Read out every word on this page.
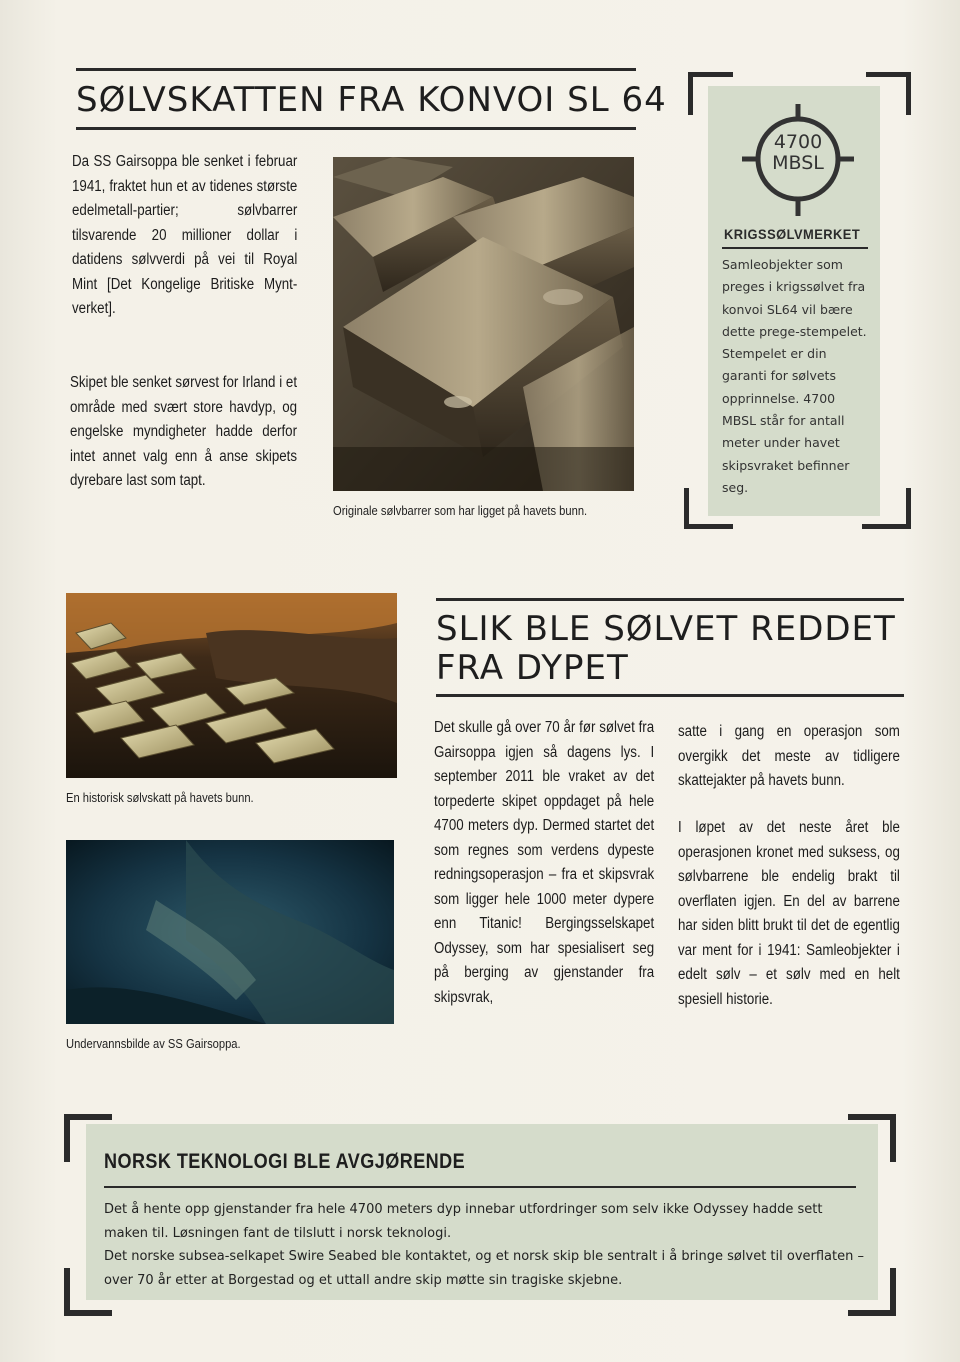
SØLVSKATTEN FRA KONVOI SL 64
Da SS Gairsoppa ble senket i februar 1941, fraktet hun et av tidenes største edelmetall-partier; sølvbarrer tilsvarende 20 millioner dollar i datidens sølvverdi på vei til Royal Mint [Det Kongelige Britiske Mynt-verket].
Skipet ble senket sørvest for Irland i et område med svært store havdyp, og engelske myndigheter hadde derfor intet annet valg enn å anse skipets dyrebare last som tapt.
Originale sølvbarrer som har ligget på havets bunn.
4700
MBSL
KRIGSSØLVMERKET
Samleobjekter som preges i krigssølvet fra konvoi SL64 vil bære dette prege-stempelet. Stempelet er din garanti for sølvets opprinnelse. 4700 MBSL står for antall meter under havet skipsvraket befinner seg.
En historisk sølvskatt på havets bunn.
Undervannsbilde av SS Gairsoppa.
SLIK BLE SØLVET REDDET
FRA DYPET
Det skulle gå over 70 år før sølvet fra Gairsoppa igjen så dagens lys. I september 2011 ble vraket av det torpederte skipet oppdaget på hele 4700 meters dyp. Dermed startet det som regnes som verdens dypeste redningsoperasjon – fra et skipsvrak som ligger hele 1000 meter dypere enn Titanic! Bergingsselskapet Odyssey, som har spesialisert seg på berging av gjenstander fra skipsvrak,
satte i gang en operasjon som overgikk det meste av tidligere skattejakter på havets bunn.
I løpet av det neste året ble operasjonen kronet med suksess, og sølvbarrene ble endelig brakt til overflaten igjen. En del av barrene har siden blitt brukt til det de egentlig var ment for i 1941: Samleobjekter i edelt sølv – et sølv med en helt spesiell historie.
NORSK TEKNOLOGI BLE AVGJØRENDE

Det å hente opp gjenstander fra hele 4700 meters dyp innebar utfordringer som selv ikke Odyssey hadde sett maken til. Løsningen fant de tilslutt i norsk teknologi.

Det norske subsea-selkapet Swire Seabed ble kontaktet, og et norsk skip ble sentralt i å bringe sølvet til overflaten – over 70 år etter at Borgestad og et uttall andre skip møtte sin tragiske skjebne.
